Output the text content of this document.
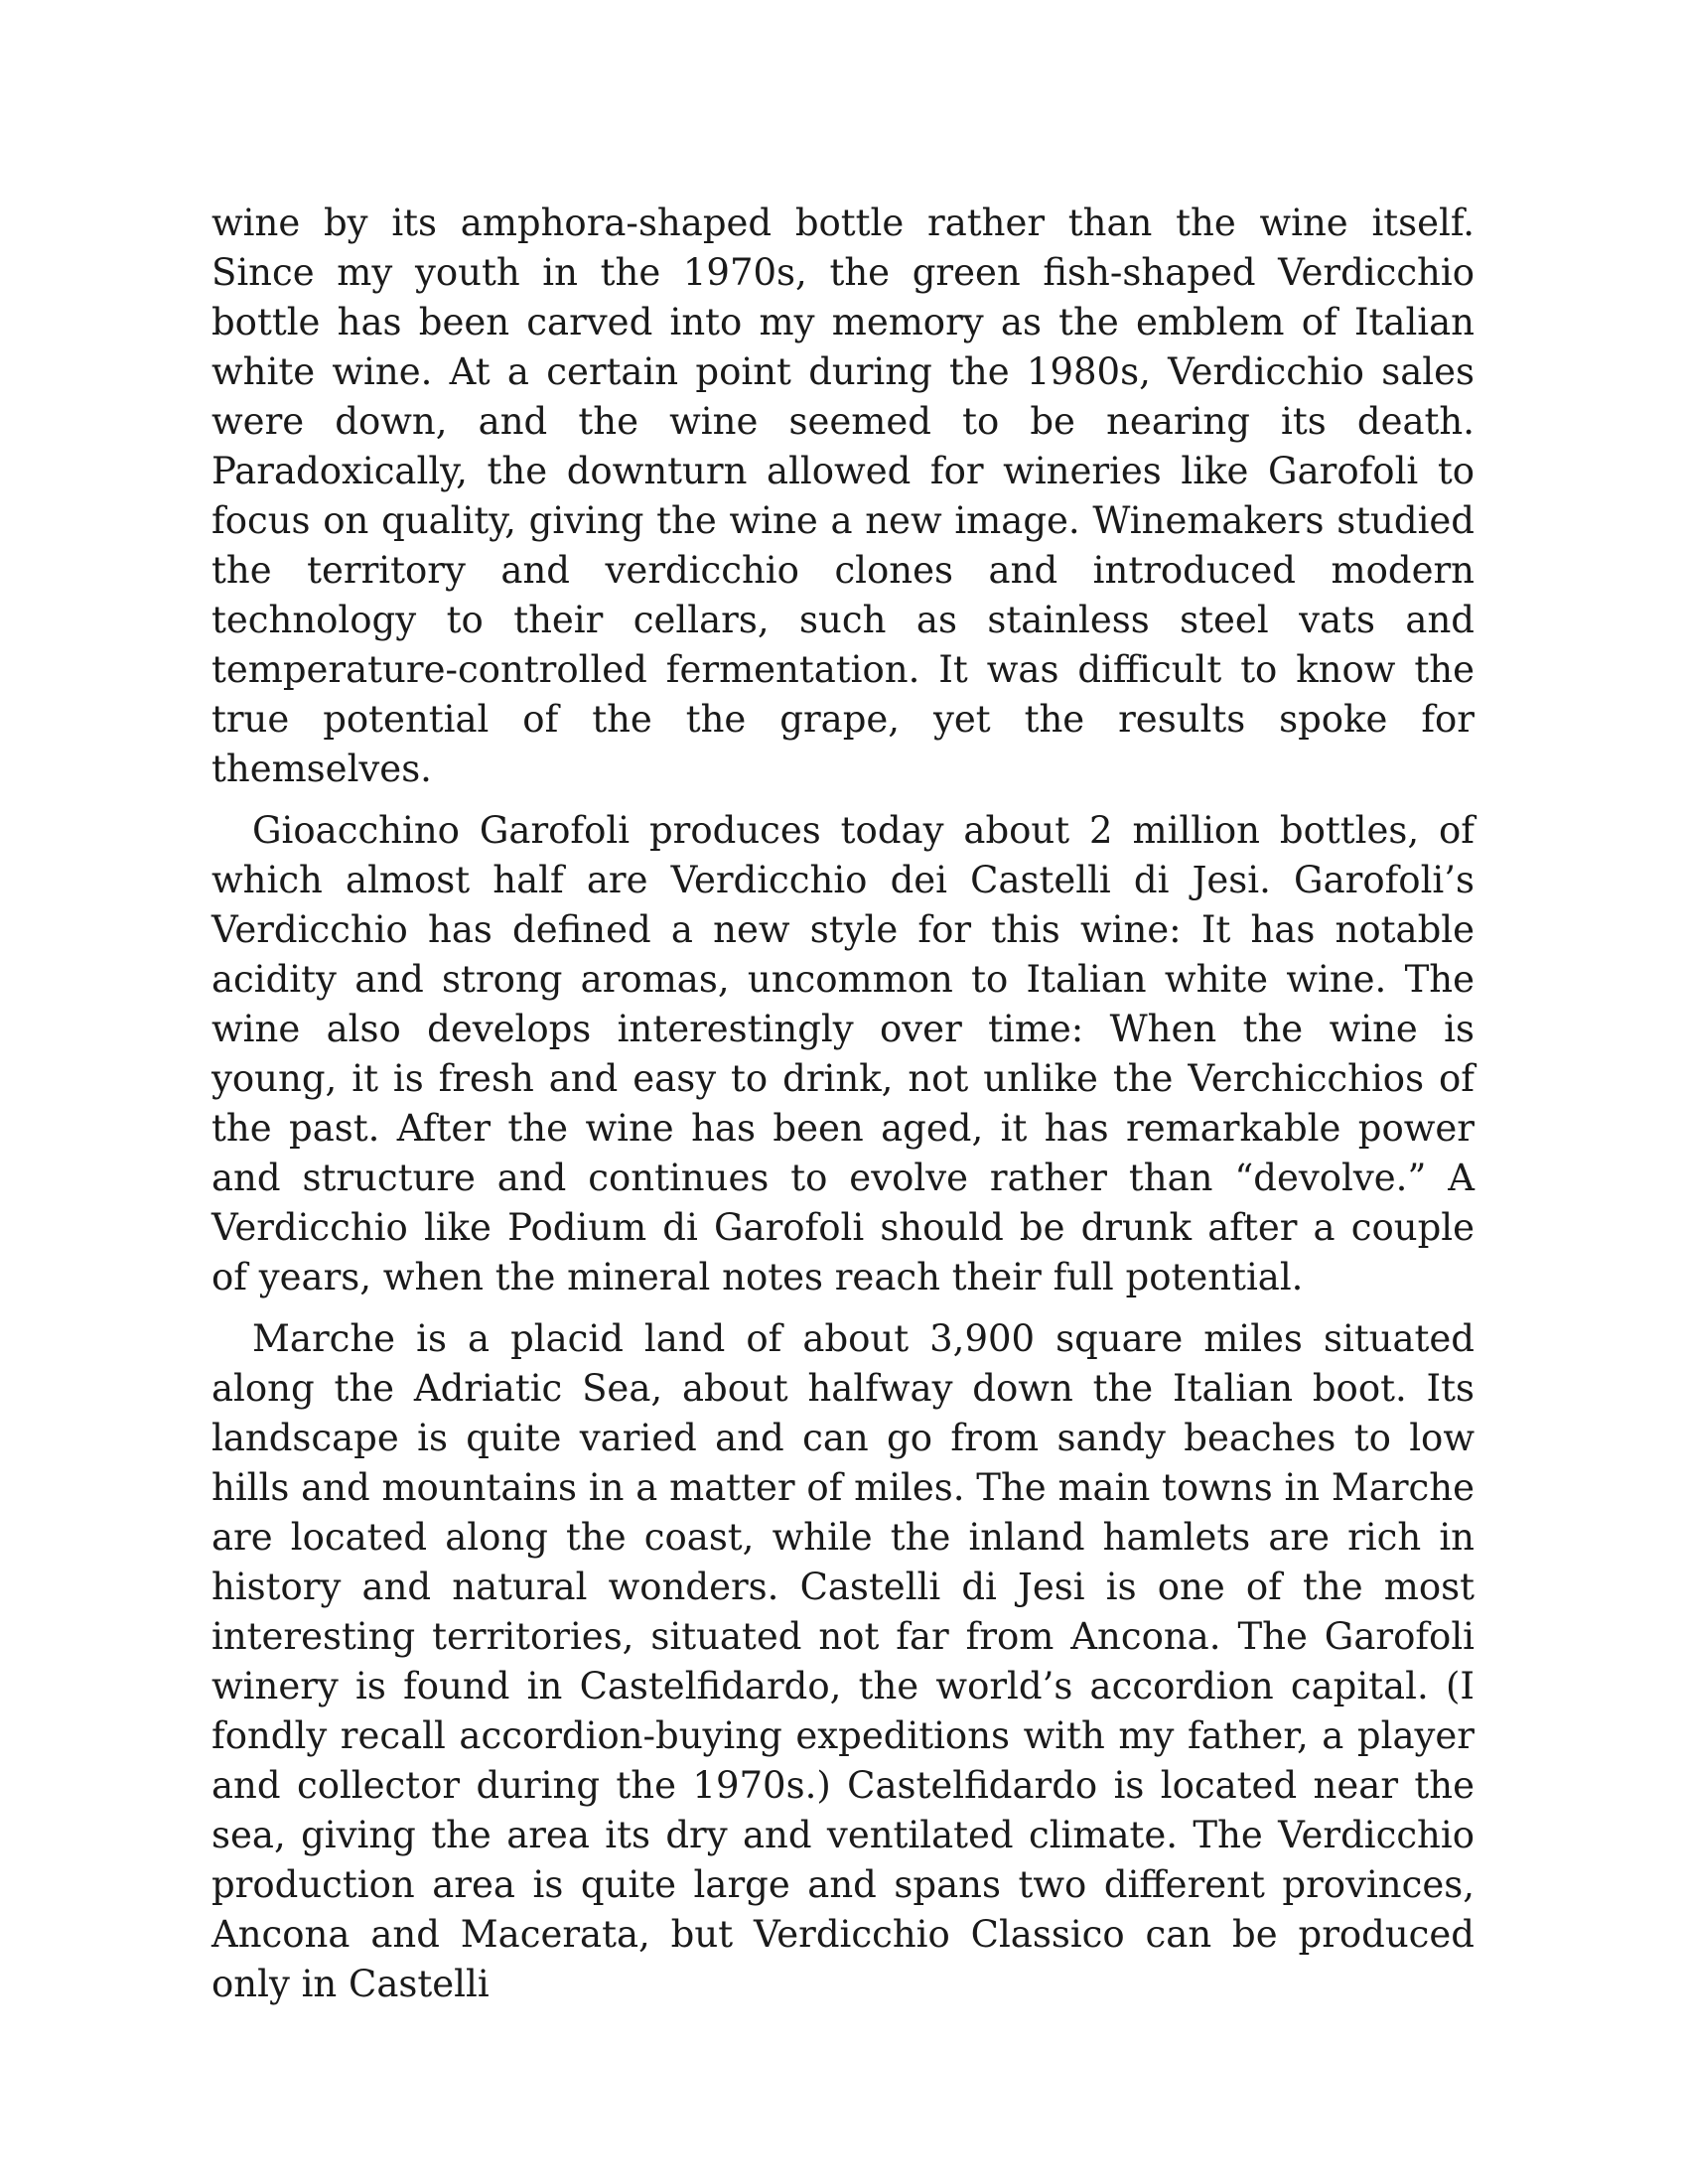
wine by its amphora-shaped bottle rather than the wine itself. Since my youth in the 1970s, the green fish-shaped Verdicchio bottle has been carved into my memory as the emblem of Italian white wine. At a certain point during the 1980s, Verdicchio sales were down, and the wine seemed to be nearing its death. Paradoxically, the downturn allowed for wineries like Garofoli to focus on quality, giving the wine a new image. Winemakers studied the territory and verdicchio clones and introduced modern technology to their cellars, such as stainless steel vats and temperature-controlled fermentation. It was difficult to know the true potential of the the grape, yet the results spoke for themselves.

Gioacchino Garofoli produces today about 2 million bottles, of which almost half are Verdicchio dei Castelli di Jesi. Garofoli’s Verdicchio has defined a new style for this wine: It has notable acidity and strong aromas, uncommon to Italian white wine. The wine also develops interestingly over time: When the wine is young, it is fresh and easy to drink, not unlike the Verchicchios of the past. After the wine has been aged, it has remarkable power and structure and continues to evolve rather than “devolve.” A Verdicchio like Podium di Garofoli should be drunk after a couple of years, when the mineral notes reach their full potential.

Marche is a placid land of about 3,900 square miles situated along the Adriatic Sea, about halfway down the Italian boot. Its landscape is quite varied and can go from sandy beaches to low hills and mountains in a matter of miles. The main towns in Marche are located along the coast, while the inland hamlets are rich in history and natural wonders. Castelli di Jesi is one of the most interesting territories, situated not far from Ancona. The Garofoli winery is found in Castelfidardo, the world’s accordion capital. (I fondly recall accordion-buying expeditions with my father, a player and collector during the 1970s.) Castelfidardo is located near the sea, giving the area its dry and ventilated climate. The Verdicchio production area is quite large and spans two different provinces, Ancona and Macerata, but Verdicchio Classico can be produced only in Castelli
